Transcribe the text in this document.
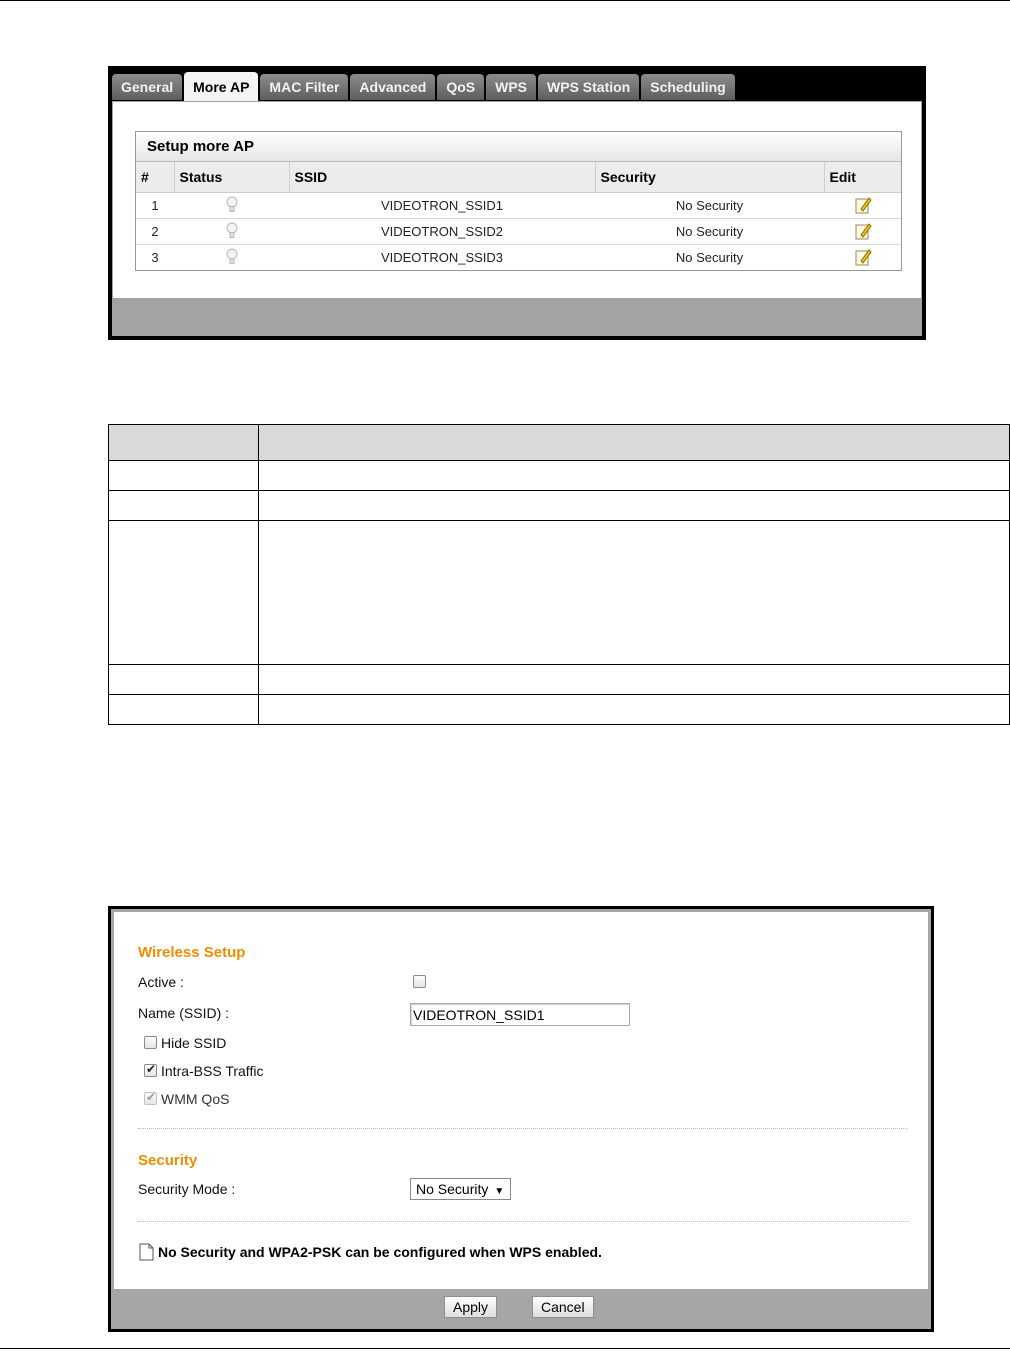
General	More AP	MAC Filter	Advanced	QoS	WPS	WPS Station	Scheduling
Setup more AP
#	Status	SSID	Security	Edit
1		VIDEOTRON_SSID1	No Security	
2		VIDEOTRON_SSID2	No Security	
3		VIDEOTRON_SSID3	No Security	

Wireless Setup
Active :
Name (SSID) :
VIDEOTRON_SSID1
Hide SSID
✔
Intra-BSS Traffic
✔
WMM QoS
Security
Security Mode :	No Security ▼
No Security and WPA2-PSK can be configured when WPS enabled.
Apply	Cancel
